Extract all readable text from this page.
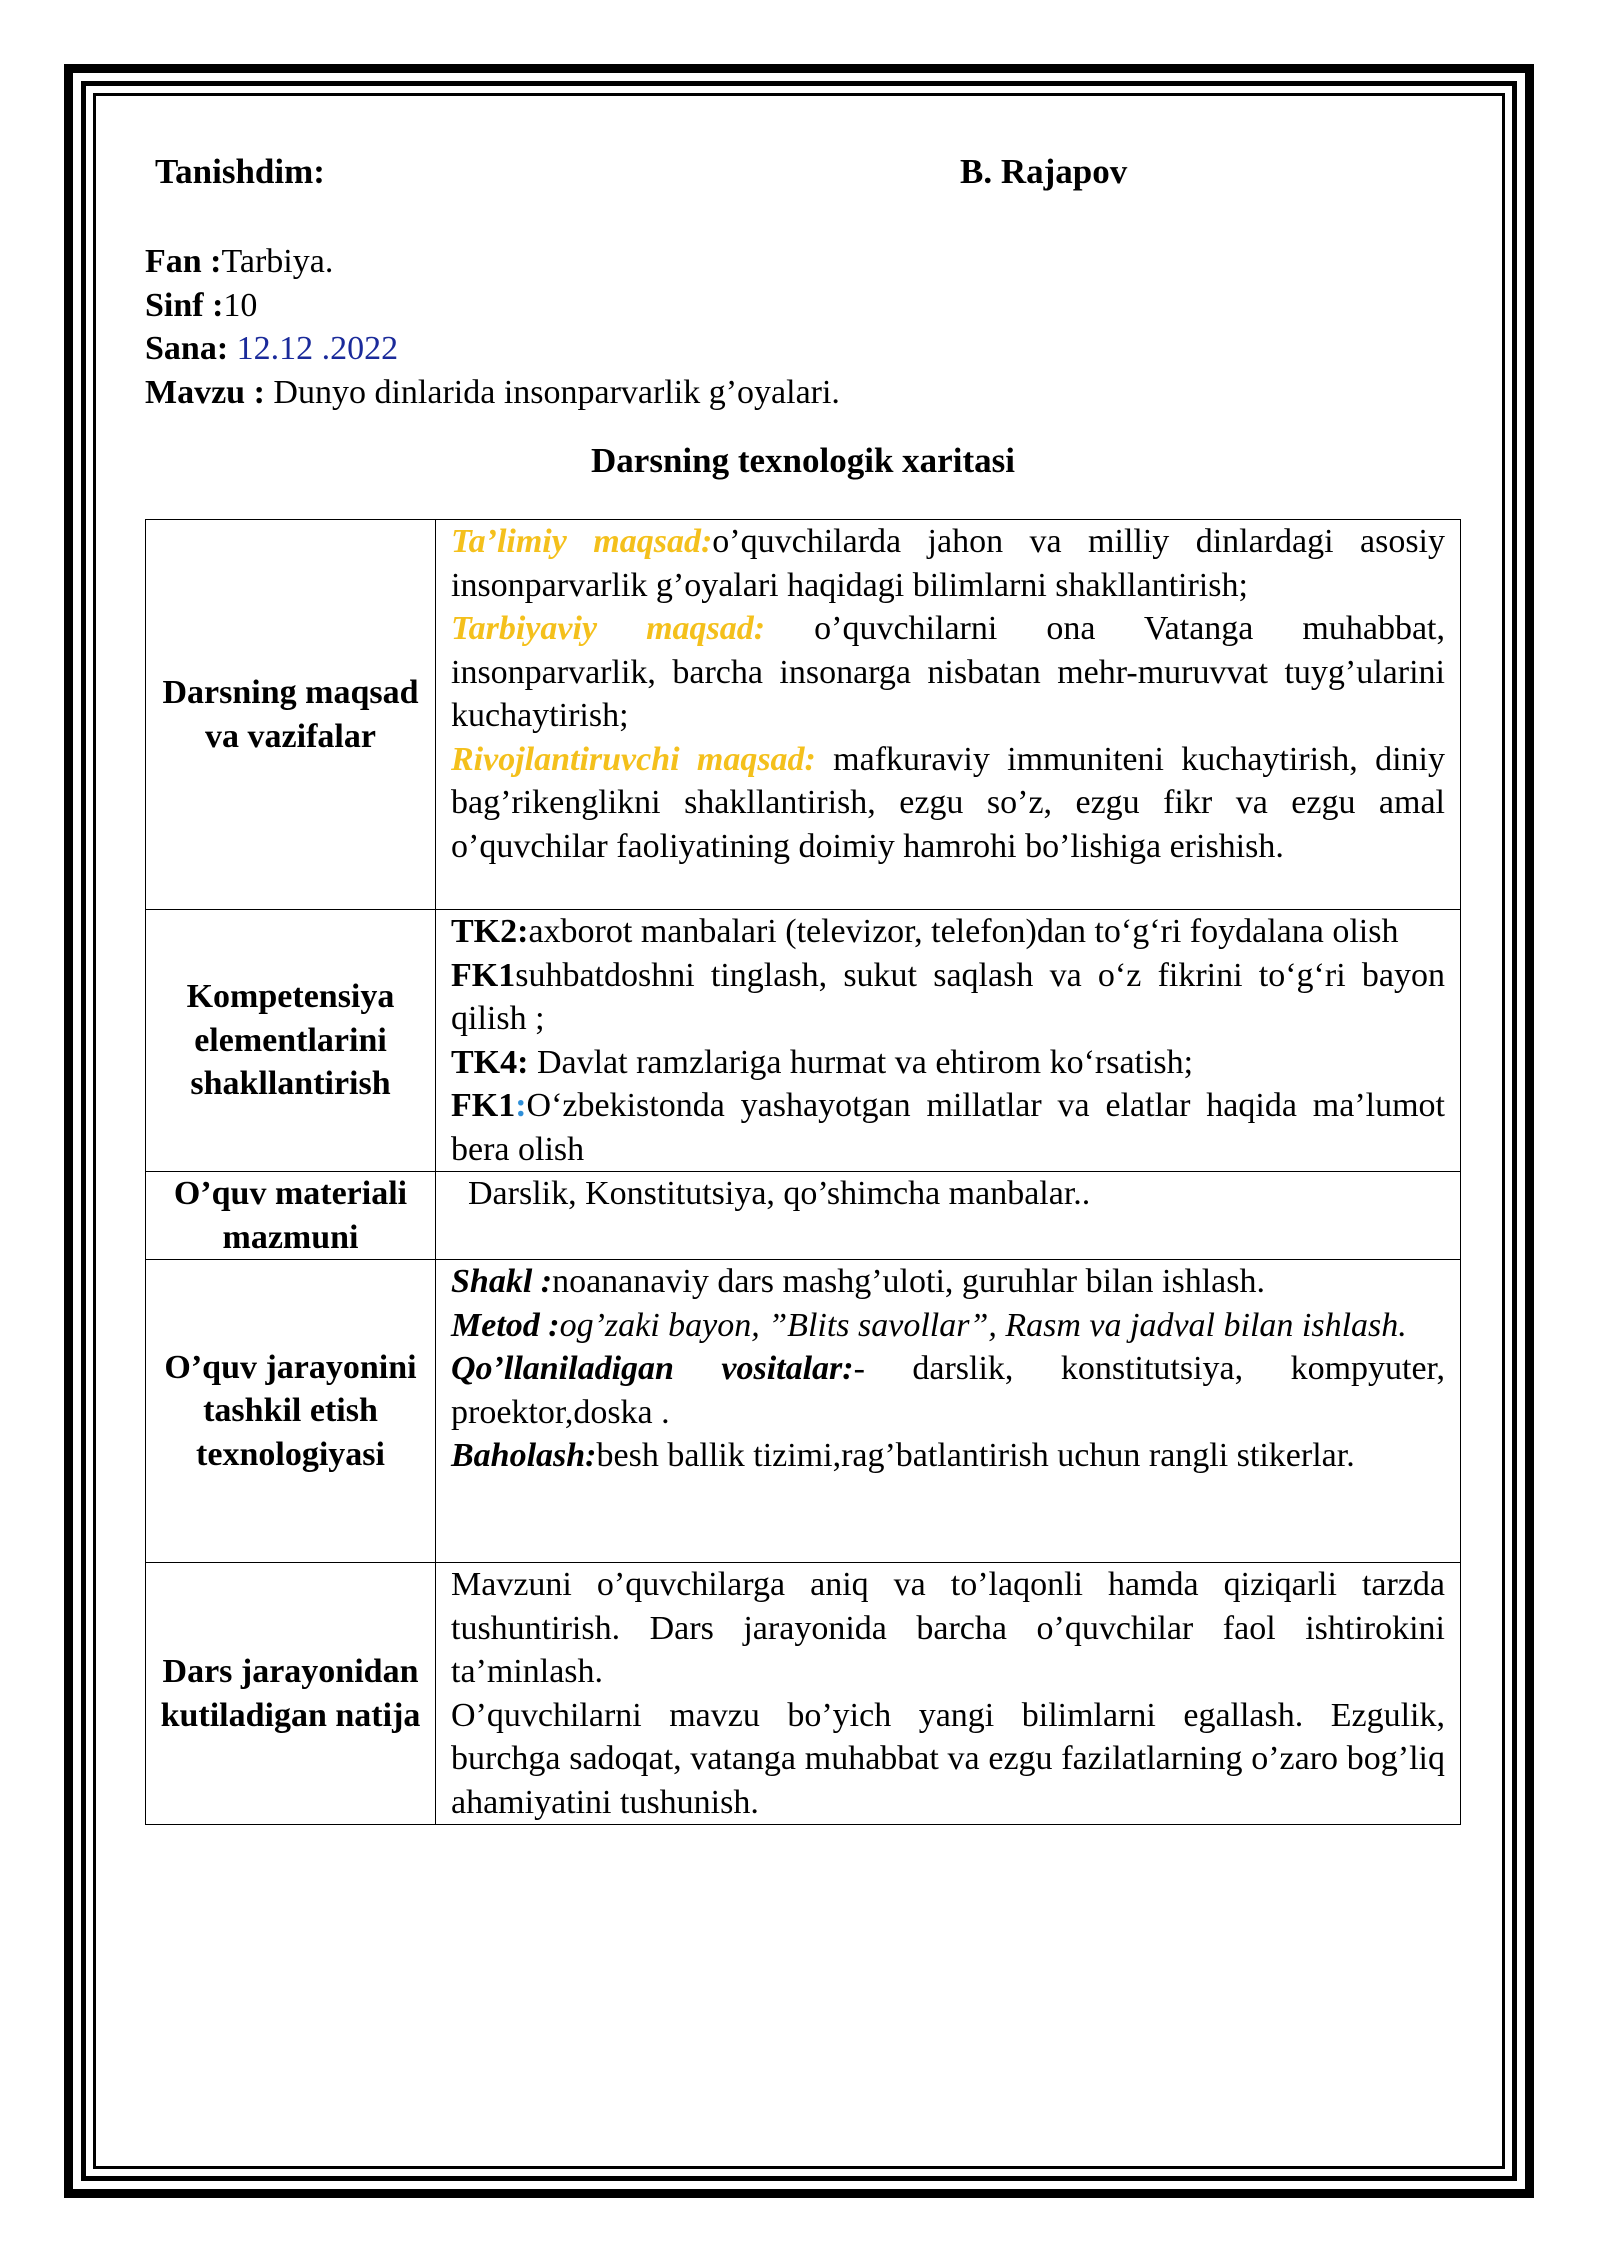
Tanishdim:	B. Rajapov
Fan :Tarbiya.
Sinf :10
Sana: 12.12 .2022
Mavzu : Dunyo dinlarida insonparvarlik g’oyalari.
Darsning texnologik xaritasi
Darsning maqsad va vazifalar	Ta’limiy maqsad:o’quvchilarda jahon va milliy dinlardagi asosiy insonparvarlik g’oyalari haqidagi bilimlarni shakllantirish;
Tarbiyaviy maqsad: o’quvchilarni ona Vatanga muhabbat, insonparvarlik, barcha insonarga nisbatan mehr-muruvvat tuyg’ularini kuchaytirish;
Rivojlantiruvchi maqsad: mafkuraviy immuniteni kuchaytirish, diniy bag’rikenglikni shakllantirish, ezgu so’z, ezgu fikr va ezgu amal o’quvchilar faoliyatining doimiy hamrohi bo’lishiga erishish.
Kompetensiya elementlarini shakllantirish	TK2:axborot manbalari (televizor, telefon)dan to‘g‘ri foydalana olish
FK1suhbatdoshni tinglash, sukut saqlash va o‘z fikrini to‘g‘ri bayon qilish ;
TK4: Davlat ramzlariga hurmat va ehtirom ko‘rsatish;
FK1:O‘zbekistonda yashayotgan millatlar va elatlar haqida ma’lumot bera olish

O’quv materiali mazmuni	Darslik, Konstitutsiya, qo’shimcha manbalar..
O’quv jarayonini tashkil etish texnologiyasi	Shakl :noananaviy dars mashg’uloti, guruhlar bilan ishlash.
Metod :og’zaki bayon, ”Blits savollar”, Rasm va jadval bilan ishlash.
Qo’llaniladigan vositalar:- darslik, konstitutsiya, kompyuter, proektor,doska .
Baholash:besh ballik tizimi,rag’batlantirish uchun rangli stikerlar.
Dars jarayonidan kutiladigan natija	Mavzuni o’quvchilarga aniq va to’laqonli hamda qiziqarli tarzda tushuntirish. Dars jarayonida barcha o’quvchilar faol ishtirokini ta’minlash.
O’quvchilarni mavzu bo’yich yangi bilimlarni egallash. Ezgulik, burchga sadoqat, vatanga muhabbat va ezgu fazilatlarning o’zaro bog’liq ahamiyatini tushunish.
